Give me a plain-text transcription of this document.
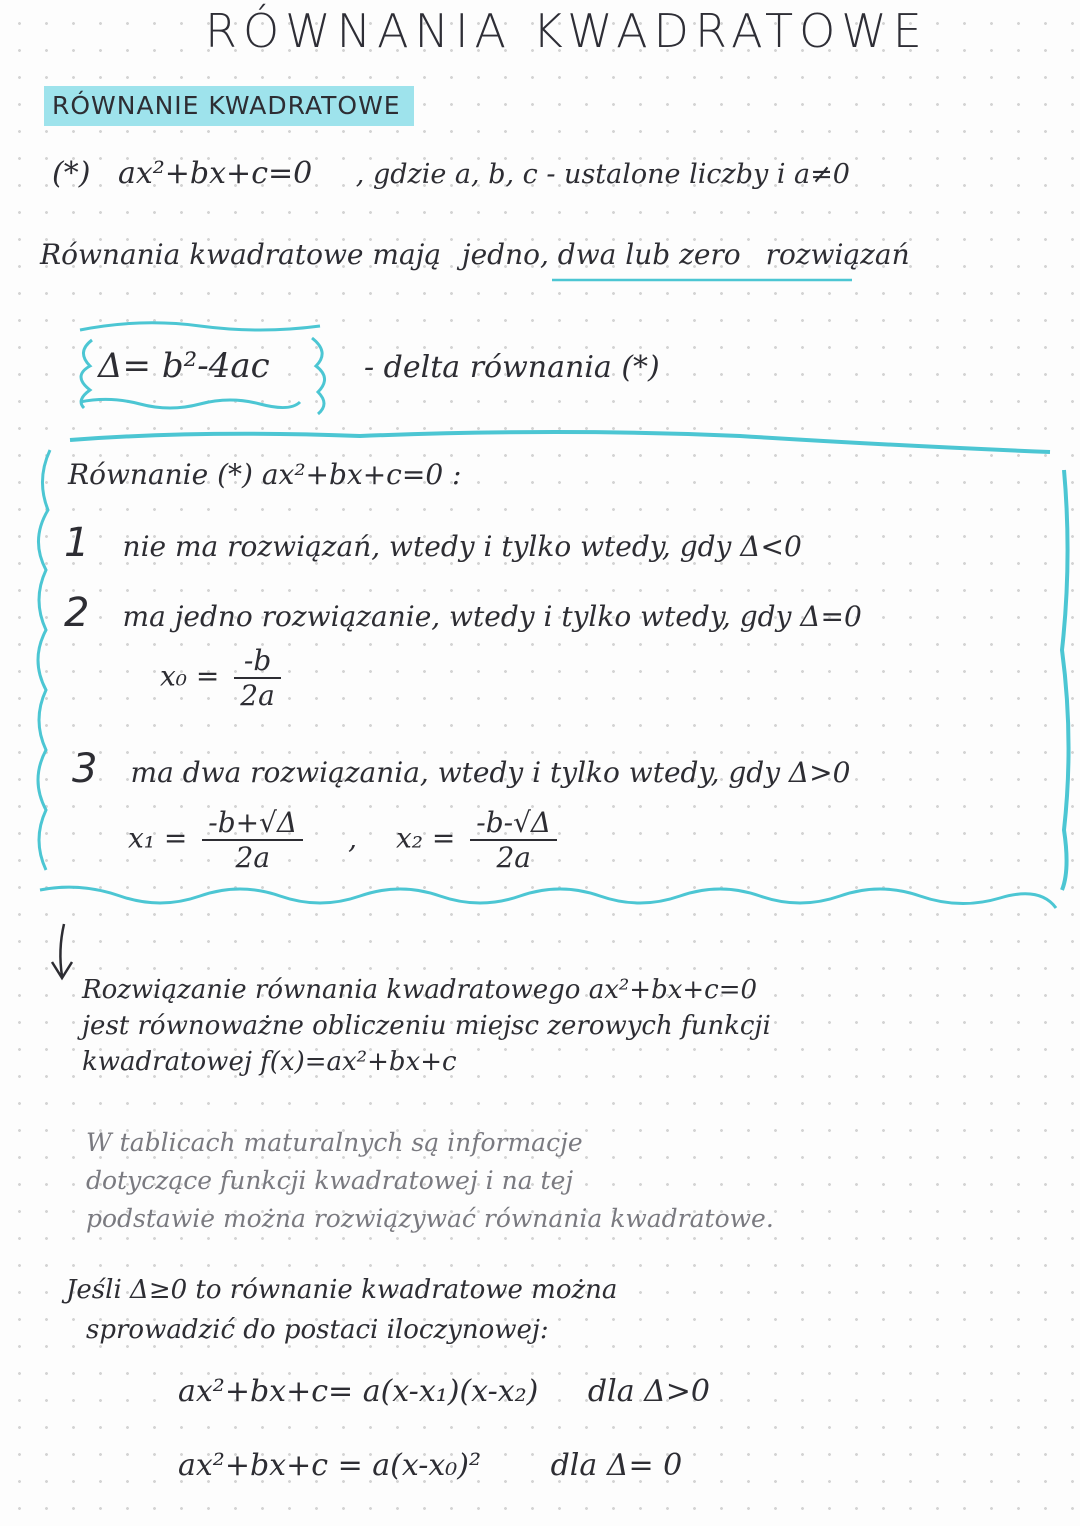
RÓWNANIA KWADRATOWE
RÓWNANIE KWADRATOWE
(*) ax²+bx+c=0 , gdzie a, b, c - ustalone liczby i a≠0
Równania kwadratowe mają jedno, dwa lub zero rozwiązań
Δ= b²-4ac	- delta równania (*)
Równanie (*) ax²+bx+c=0 :
1 nie ma rozwiązań, wtedy i tylko wtedy, gdy Δ<0
2 ma jedno rozwiązanie, wtedy i tylko wtedy, gdy Δ=0
$x_0 = \frac{-b}{2a}$
3 ma dwa rozwiązania, wtedy i tylko wtedy, gdy Δ>0
$x_1 = \frac{-b+√\Delta}{2a}$ , $x_2 = \frac{-b-√\Delta}{2a}$
Rozwiązanie równania kwadratowego ax²+bx+c=0
jest równoważne obliczeniu miejsc zerowych funkcji
kwadratowej f(x)=ax²+bx+c
W tablicach maturalnych są informacje
dotyczące funkcji kwadratowej i na tej
podstawie można rozwiązywać równania kwadratowe.
Jeśli Δ≥0 to równanie kwadratowe można
sprowadzić do postaci iloczynowej:
ax²+bx+c= a(x-x₁)(x-x₂) dla Δ>0
ax²+bx+c = a(x-x₀)² dla Δ= 0
